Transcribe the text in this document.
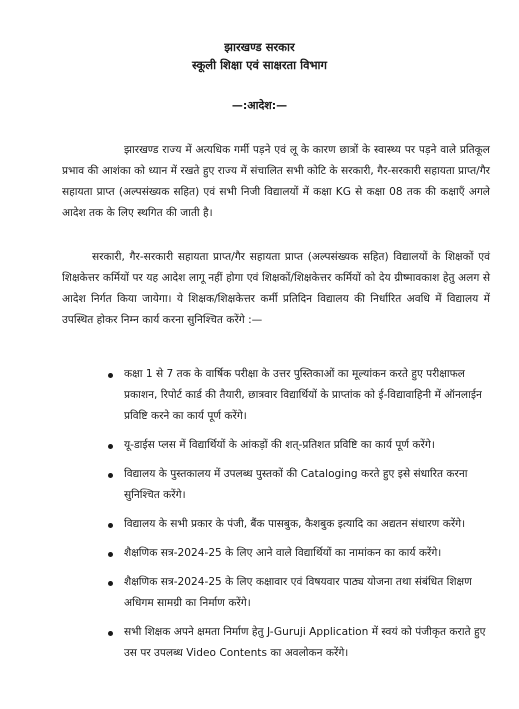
झारखण्ड सरकार
स्कूली शिक्षा एवं साक्षरता विभाग
—:आदेश:—
झारखण्ड राज्य में अत्यधिक गर्मी पड़ने एवं लू के कारण छात्रों के स्वास्थ्य पर पड़ने वाले प्रतिकूल प्रभाव की आशंका को ध्यान में रखते हुए राज्य में संचालित सभी कोटि के सरकारी, गैर-सरकारी सहायता प्राप्त/गैर सहायता प्राप्त (अल्पसंख्यक सहित) एवं सभी निजी विद्यालयों में कक्षा KG से कक्षा 08 तक की कक्षाएँ अगले आदेश तक के लिए स्थगित की जाती है।
सरकारी, गैर-सरकारी सहायता प्राप्त/गैर सहायता प्राप्त (अल्पसंख्यक सहित) विद्यालयों के शिक्षकों एवं शिक्षकेत्तर कर्मियों पर यह आदेश लागू नहीं होगा एवं शिक्षकों/शिक्षकेत्तर कर्मियों को देय ग्रीष्मावकाश हेतु अलग से आदेश निर्गत किया जायेगा। ये शिक्षक/शिक्षकेत्तर कर्मी प्रतिदिन विद्यालय की निर्धारित अवधि में विद्यालय में उपस्थित होकर निम्न कार्य करना सुनिश्चित करेंगे :—
कक्षा 1 से 7 तक के वार्षिक परीक्षा के उत्तर पुस्तिकाओं का मूल्यांकन करते हुए परीक्षाफल प्रकाशन, रिपोर्ट कार्ड की तैयारी, छात्रवार विद्यार्थियों के प्राप्तांक को ई-विद्यावाहिनी में ऑनलाईन प्रविष्टि करने का कार्य पूर्ण करेंगे।
यू-डाईस प्लस में विद्यार्थियों के आंकड़ों की शत्-प्रतिशत प्रविष्टि का कार्य पूर्ण करेंगे।
विद्यालय के पुस्तकालय में उपलब्ध पुस्तकों की Cataloging करते हुए इसे संधारित करना सुनिश्चित करेंगे।
विद्यालय के सभी प्रकार के पंजी, बैंक पासबुक, कैशबुक इत्यादि का अद्यतन संधारण करेंगे।
शैक्षणिक सत्र-2024-25 के लिए आने वाले विद्यार्थियों का नामांकन का कार्य करेंगे।
शैक्षणिक सत्र-2024-25 के लिए कक्षावार एवं विषयवार पाठ्य योजना तथा संबंधित शिक्षण अधिगम सामग्री का निर्माण करेंगे।
सभी शिक्षक अपने क्षमता निर्माण हेतु J-Guruji Application में स्वयं को पंजीकृत कराते हुए उस पर उपलब्ध Video Contents का अवलोकन करेंगे।
